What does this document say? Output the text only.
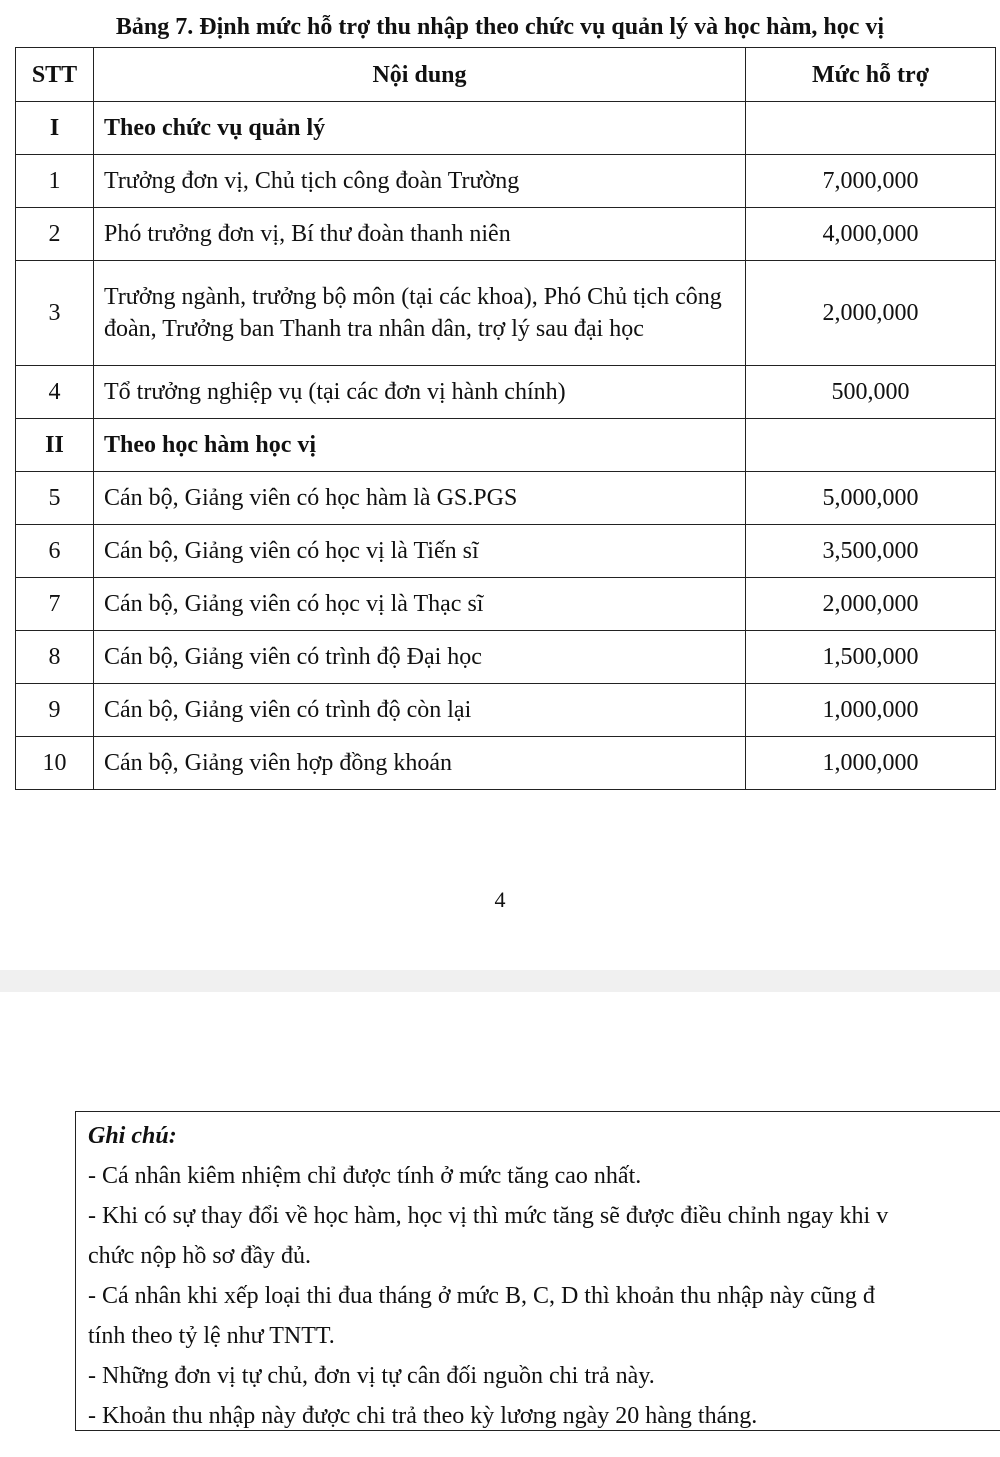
Bảng 7. Định mức hỗ trợ thu nhập theo chức vụ quản lý và học hàm, học vị
STT	Nội dung	Mức hỗ trợ
I	Theo chức vụ quản lý	
1	Trưởng đơn vị, Chủ tịch công đoàn Trường	7,000,000
2	Phó trưởng đơn vị, Bí thư đoàn thanh niên	4,000,000
3	Trưởng ngành, trưởng bộ môn (tại các khoa), Phó Chủ tịch công đoàn, Trưởng ban Thanh tra nhân dân, trợ lý sau đại học	2,000,000
4	Tổ trưởng nghiệp vụ (tại các đơn vị hành chính)	500,000
II	Theo học hàm học vị	
5	Cán bộ, Giảng viên có học hàm là GS.PGS	5,000,000
6	Cán bộ, Giảng viên có học vị là Tiến sĩ	3,500,000
7	Cán bộ, Giảng viên có học vị là Thạc sĩ	2,000,000
8	Cán bộ, Giảng viên có trình độ Đại học	1,500,000
9	Cán bộ, Giảng viên có trình độ còn lại	1,000,000
10	Cán bộ, Giảng viên hợp đồng khoán	1,000,000
4
Ghi chú:
- Cá nhân kiêm nhiệm chỉ được tính ở mức tăng cao nhất.
- Khi có sự thay đổi về học hàm, học vị thì mức tăng sẽ được điều chỉnh ngay khi v
chức nộp hồ sơ đầy đủ.
- Cá nhân khi xếp loại thi đua tháng ở mức B, C, D thì khoản thu nhập này cũng đ
tính theo tỷ lệ như TNTT.
- Những đơn vị tự chủ, đơn vị tự cân đối nguồn chi trả này.
- Khoản thu nhập này được chi trả theo kỳ lương ngày 20 hàng tháng.
